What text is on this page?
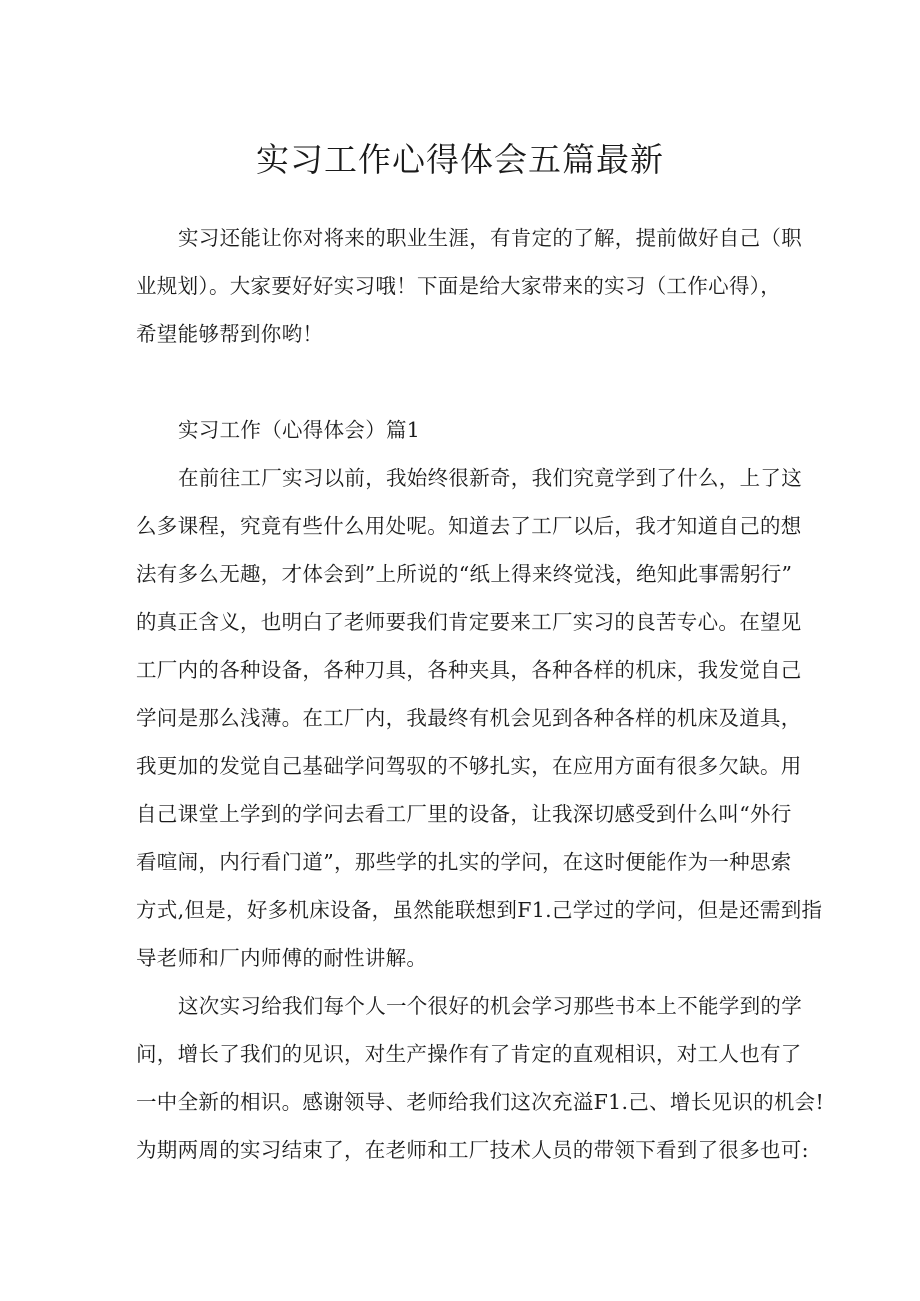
实习工作心得体会五篇最新

实习还能让你对将来的职业生涯，有肯定的了解，提前做好自己（职

业规划）。大家要好好实习哦！下面是给大家带来的实习（工作心得），

希望能够帮到你哟！

实习工作（心得体会）篇1

在前往工厂实习以前，我始终很新奇，我们究竟学到了什么，上了这

么多课程，究竟有些什么用处呢。知道去了工厂以后，我才知道自己的想

法有多么无趣，才体会到”上所说的“纸上得来终觉浅，绝知此事需躬行”

的真正含义，也明白了老师要我们肯定要来工厂实习的良苦专心。在望见

工厂内的各种设备，各种刀具，各种夹具，各种各样的机床，我发觉自己

学问是那么浅薄。在工厂内，我最终有机会见到各种各样的机床及道具，

我更加的发觉自己基础学问驾驭的不够扎实，在应用方面有很多欠缺。用

自己课堂上学到的学问去看工厂里的设备，让我深切感受到什么叫“外行

看喧闹，内行看门道”，那些学的扎实的学问，在这时便能作为一种思索

方式,但是，好多机床设备，虽然能联想到F1.己学过的学问，但是还需到指

导老师和厂内师傅的耐性讲解。

这次实习给我们每个人一个很好的机会学习那些书本上不能学到的学

问，增长了我们的见识，对生产操作有了肯定的直观相识，对工人也有了

一中全新的相识。感谢领导、老师给我们这次充溢F1.己、增长见识的机会!

为期两周的实习结束了，在老师和工厂技术人员的带领下看到了很多也可:
